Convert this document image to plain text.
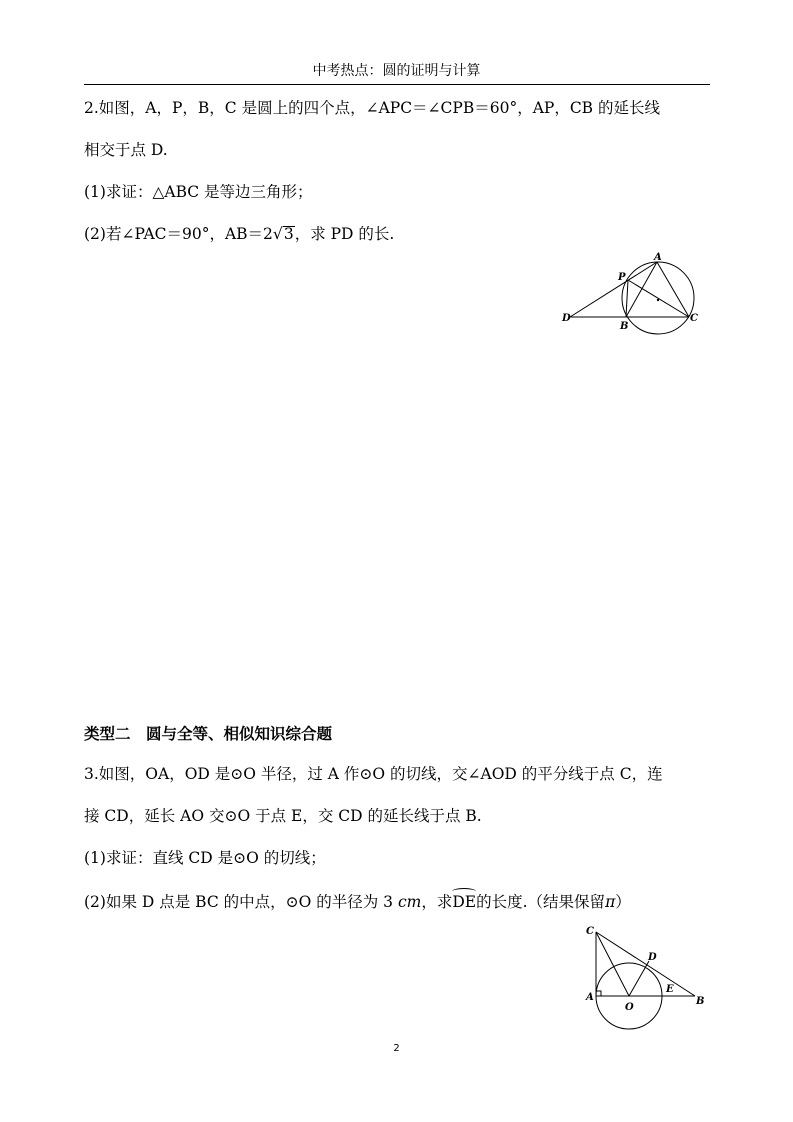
中考热点：圆的证明与计算
2.如图，A，P，B，C 是圆上的四个点，∠APC＝∠CPB＝60°，AP，CB 的延长线
相交于点 D.
(1)求证：△ABC 是等边三角形；
(2)若∠PAC＝90°，AB＝2√3，求 PD 的长.
A
P
B
C
D
类型二　圆与全等、相似知识综合题
3.如图，OA，OD 是⊙O 半径，过 A 作⊙O 的切线，交∠AOD 的平分线于点 C，连
接 CD，延长 AO 交⊙O 于点 E，交 CD 的延长线于点 B.
(1)求证：直线 CD 是⊙O 的切线；
(2)如果 D 点是 BC 的中点，⊙O 的半径为 3 cm，求DE的长度.（结果保留π）
C
D
A
O
E
B
2
